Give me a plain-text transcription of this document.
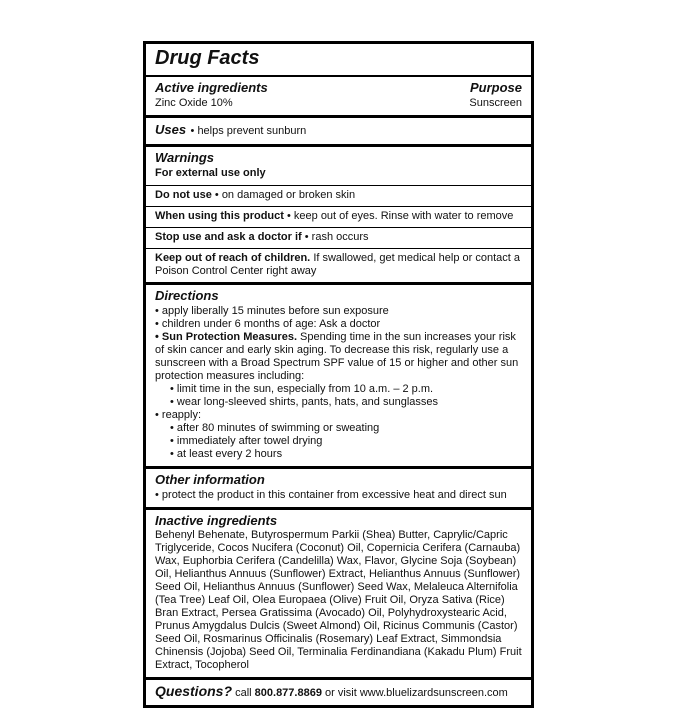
Drug Facts
Active ingredients
Zinc Oxide 10%
Purpose
Sunscreen
Uses • helps prevent sunburn
Warnings
For external use only
Do not use • on damaged or broken skin
When using this product • keep out of eyes. Rinse with water to remove
Stop use and ask a doctor if • rash occurs
Keep out of reach of children. If swallowed, get medical help or contact a Poison Control Center right away
Directions
• apply liberally 15 minutes before sun exposure
• children under 6 months of age: Ask a doctor
• Sun Protection Measures. Spending time in the sun increases your risk of skin cancer and early skin aging. To decrease this risk, regularly use a sunscreen with a Broad Spectrum SPF value of 15 or higher and other sun protection measures including:
• limit time in the sun, especially from 10 a.m. – 2 p.m.
• wear long-sleeved shirts, pants, hats, and sunglasses
• reapply:
• after 80 minutes of swimming or sweating
• immediately after towel drying
• at least every 2 hours
Other information
• protect the product in this container from excessive heat and direct sun
Inactive ingredients
Behenyl Behenate, Butyrospermum Parkii (Shea) Butter, Caprylic/Capric Triglyceride, Cocos Nucifera (Coconut) Oil, Copernicia Cerifera (Carnauba) Wax, Euphorbia Cerifera (Candelilla) Wax, Flavor, Glycine Soja (Soybean) Oil, Helianthus Annuus (Sunflower) Extract, Helianthus Annuus (Sunflower) Seed Oil, Helianthus Annuus (Sunflower) Seed Wax, Melaleuca Alternifolia (Tea Tree) Leaf Oil, Olea Europaea (Olive) Fruit Oil, Oryza Sativa (Rice) Bran Extract, Persea Gratissima (Avocado) Oil, Polyhydroxystearic Acid, Prunus Amygdalus Dulcis (Sweet Almond) Oil, Ricinus Communis (Castor) Seed Oil, Rosmarinus Officinalis (Rosemary) Leaf Extract, Simmondsia Chinensis (Jojoba) Seed Oil, Terminalia Ferdinandiana (Kakadu Plum) Fruit Extract, Tocopherol
Questions? call 800.877.8869 or visit www.bluelizardsunscreen.com
